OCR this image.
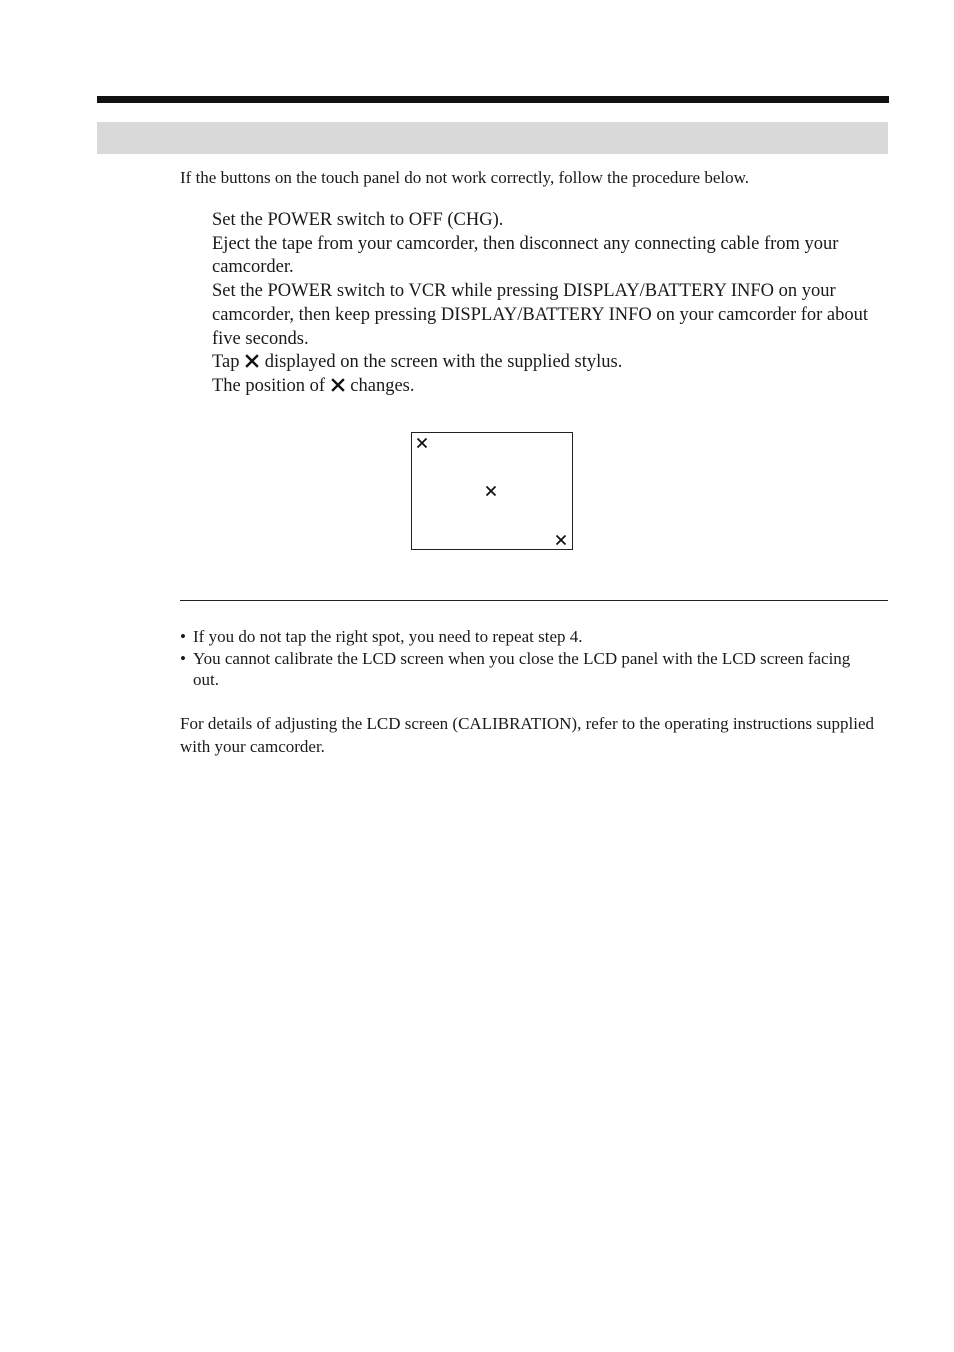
If the buttons on the touch panel do not work correctly, follow the procedure below.

Set the POWER switch to OFF (CHG).
Eject the tape from your camcorder, then disconnect any connecting cable from your camcorder.
Set the POWER switch to VCR while pressing DISPLAY/BATTERY INFO on your camcorder, then keep pressing DISPLAY/BATTERY INFO on your camcorder for about five seconds.
Tap displayed on the screen with the supplied stylus.
The position of changes.
• If you do not tap the right spot, you need to repeat step 4.
• You cannot calibrate the LCD screen when you close the LCD panel with the LCD screen facing out.

For details of adjusting the LCD screen (CALIBRATION), refer to the operating instructions supplied with your camcorder.
